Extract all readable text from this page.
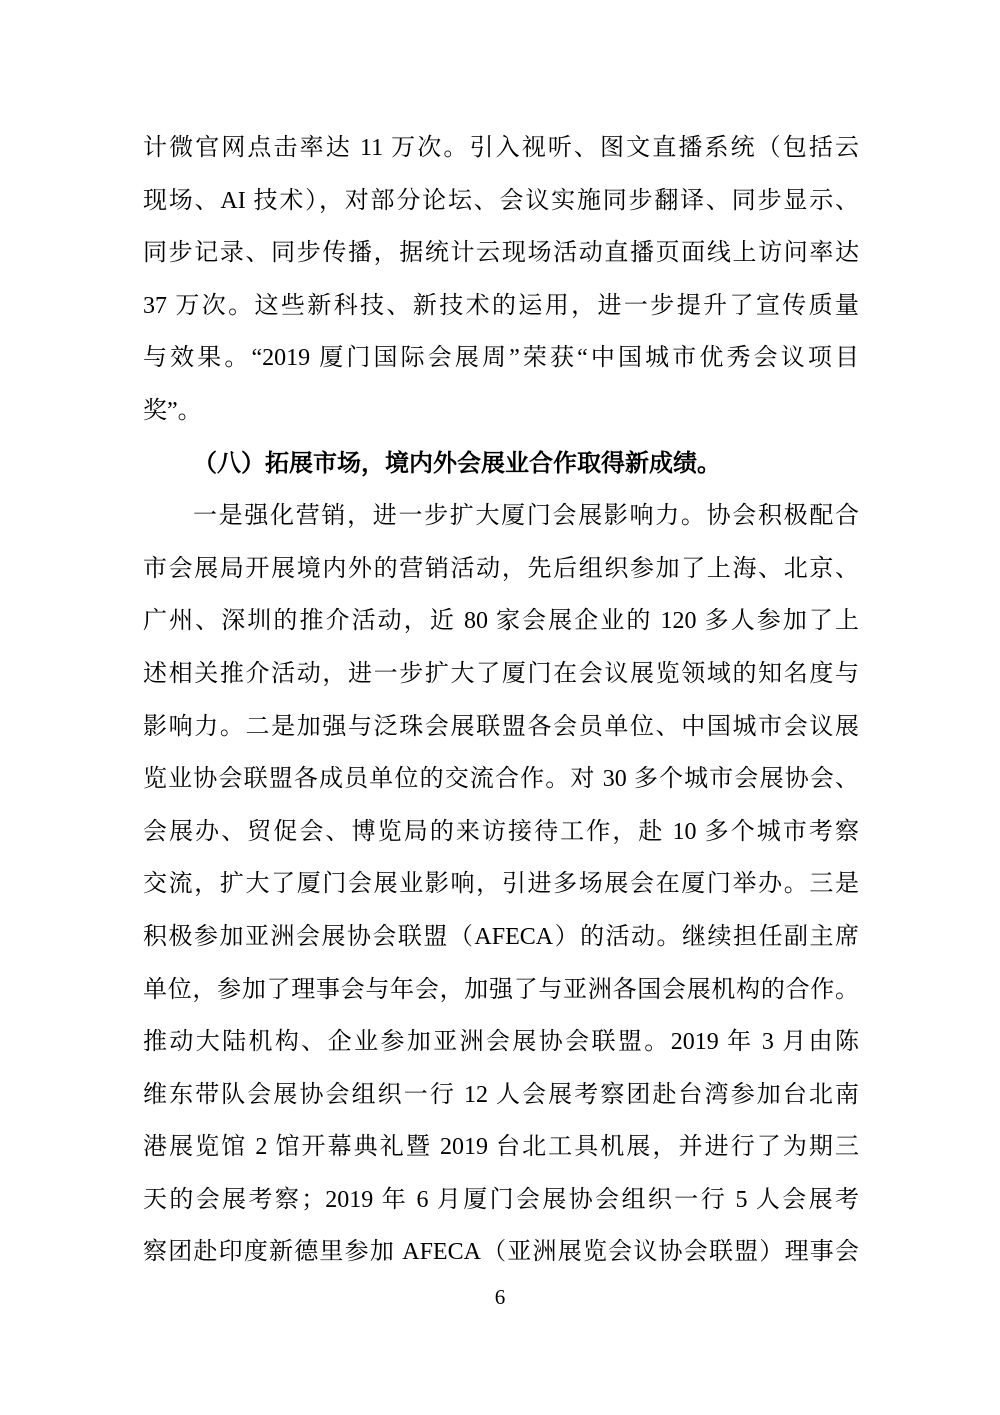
计微官网点击率达 11 万次。引入视听、图文直播系统（包括云
现场、AI 技术），对部分论坛、会议实施同步翻译、同步显示、
同步记录、同步传播，据统计云现场活动直播页面线上访问率达
37 万次。这些新科技、新技术的运用，进一步提升了宣传质量
与效果。“2019 厦门国际会展周”荣获“中国城市优秀会议项目
奖”。
（八）拓展市场，境内外会展业合作取得新成绩。
一是强化营销，进一步扩大厦门会展影响力。协会积极配合
市会展局开展境内外的营销活动，先后组织参加了上海、北京、
广州、深圳的推介活动，近 80 家会展企业的 120 多人参加了上
述相关推介活动，进一步扩大了厦门在会议展览领域的知名度与
影响力。二是加强与泛珠会展联盟各会员单位、中国城市会议展
览业协会联盟各成员单位的交流合作。对 30 多个城市会展协会、
会展办、贸促会、博览局的来访接待工作，赴 10 多个城市考察
交流，扩大了厦门会展业影响，引进多场展会在厦门举办。三是
积极参加亚洲会展协会联盟（AFECA）的活动。继续担任副主席
单位，参加了理事会与年会，加强了与亚洲各国会展机构的合作。
推动大陆机构、企业参加亚洲会展协会联盟。2019 年 3 月由陈
维东带队会展协会组织一行 12 人会展考察团赴台湾参加台北南
港展览馆 2 馆开幕典礼暨 2019 台北工具机展，并进行了为期三
天的会展考察；2019 年 6 月厦门会展协会组织一行 5 人会展考
察团赴印度新德里参加 AFECA（亚洲展览会议协会联盟）理事会
6
